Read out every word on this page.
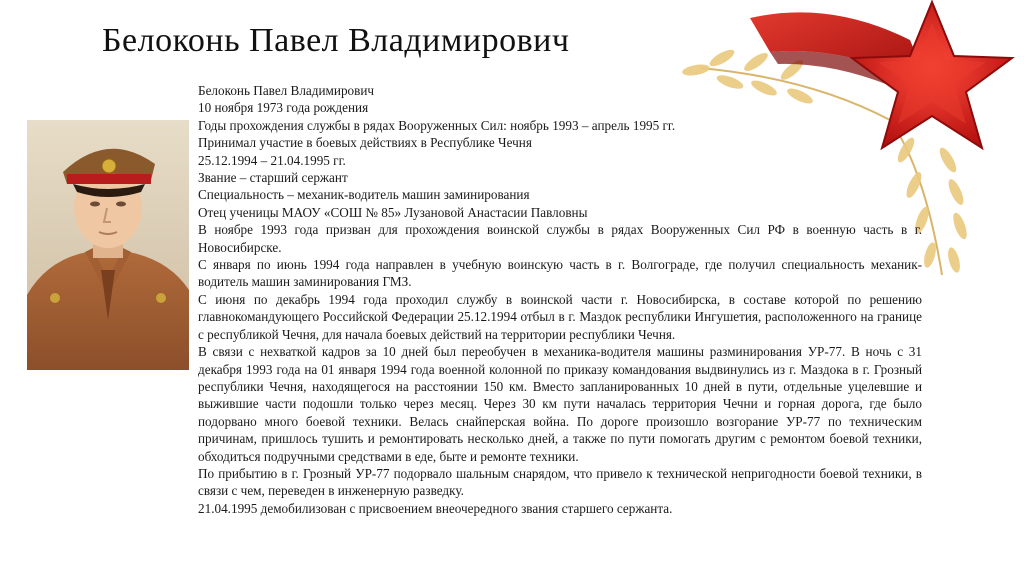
Белоконь Павел Владимирович

Белоконь Павел Владимирович

10 ноября 1973 года рождения

Годы прохождения службы в рядах Вооруженных Сил: ноябрь 1993 – апрель 1995 гг.

Принимал участие в боевых действиях в Республике Чечня

25.12.1994 – 21.04.1995 гг.

Звание – старший сержант

Специальность – механик-водитель машин заминирования

Отец ученицы МАОУ «СОШ № 85» Лузановой Анастасии Павловны

В ноябре 1993 года призван для прохождения воинской службы в рядах Вооруженных Сил РФ в военную часть в г. Новосибирске.

С января по июнь 1994 года направлен в учебную воинскую часть в г. Волгограде, где получил специальность механик-водитель машин заминирования ГМЗ.

С июня по декабрь 1994 года проходил службу в воинской части г. Новосибирска, в составе которой по решению главнокомандующего Российской Федерации 25.12.1994 отбыл в г. Маздок республики Ингушетия, расположенного на границе с республикой Чечня, для начала боевых действий на территории республики Чечня.

В связи с нехваткой кадров за 10 дней был переобучен в механика-водителя машины разминирования УР-77. В ночь с 31 декабря 1993 года на 01 января 1994 года военной колонной по приказу командования выдвинулись из г. Маздока в г. Грозный республики Чечня, находящегося на расстоянии 150 км. Вместо запланированных 10 дней в пути, отдельные уцелевшие и выжившие части подошли только через месяц. Через 30 км пути началась территория Чечни и горная дорога, где было подорвано много боевой техники. Велась снайперская война. По дороге произошло возгорание УР-77 по техническим причинам, пришлось тушить и ремонтировать несколько дней, а также по пути помогать другим с ремонтом боевой техники, обходиться подручными средствами в еде, быте и ремонте техники.

По прибытию в г. Грозный УР-77 подорвало шальным снарядом, что привело к технической непригодности боевой техники, в связи с чем, переведен в инженерную разведку.

21.04.1995 демобилизован с присвоением внеочередного звания старшего сержанта.
